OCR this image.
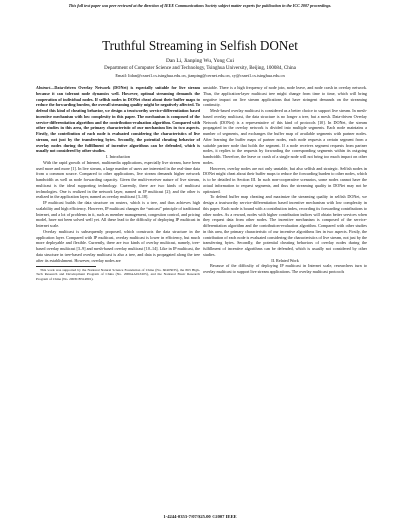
This full text paper was peer reviewed at the direction of IEEE Communications Society subject matter experts for publication in the ICC 2007 proceedings.
Truthful Streaming in Selfish DONet
Dan Li, Jianping Wu, Yong Cui
Department of Computer Science and Technology, Tsinghua University, Beijing, 100084, China
Email: lidan@csnet1.cs.tsinghua.edu.cn, jianping@cernet.edu.cn, cy@csnet1.cs.tsinghua.edu.cn

Abstract—Data-driven Overlay Network (DONet) is especially suitable for live stream because it can tolerant node dynamics well. However, optimal streaming demands the cooperation of individual nodes. If selfish nodes in DONet cheat about their buffer maps to reduce the forwarding burden, the overall streaming quality might be negatively affected. To defend this kind of cheating behavior, we design a trustworthy service-differentiation based incentive mechanism with low complexity in this paper. The mechanism is composed of the service-differentiation algorithm and the contribution-evaluation algorithm. Compared with other studies in this area, the primary characteristic of our mechanism lies in two aspects. Firstly, the contribution of each node is evaluated considering the characteristics of live stream, not just by the transferring bytes. Secondly, the potential cheating behavior of overlay nodes during the fulfillment of incentive algorithms can be defended, which is usually not considered by other studies.

I. Introduction

With the rapid growth of Internet, multimedia applications, especially live stream, have been used more and more [1]. In live stream, a large number of users are interested in the real-time data from a common source. Compared to other applications, live stream demands higher network bandwidth as well as node forwarding capacity. Given the multi-receiver nature of live stream, multicast is the ideal supporting technology. Currently, there are two kinds of multicast technologies. One is realized in the network layer, named as IP multicast [2]; and the other is realized in the application layer, named as overlay multicast [3–18].

IP multicast builds the data structure on routers, which is a tree, and thus achieves high scalability and high efficiency. However, IP multicast changes the “unicast” principle of traditional Internet, and a lot of problems in it, such as member management, congestion control, and pricing model, have not been solved well yet. All these lead to the difficulty of deploying IP multicast in Internet scale.

Overlay multicast is subsequently proposed, which constructs the data structure in the application layer. Compared with IP multicast, overlay multicast is lower in efficiency, but much more deployable and flexible. Currently, there are two kinds of overlay multicast, namely, tree-based overlay multicast [3–9] and mesh-based overlay multicast [10–14]. Like in IP multicast, the data structure in tree-based overlay multicast is also a tree, and data is propagated along the tree after its establishment. However, overlay nodes are

This work was supported by the National Natural Science Foundation of China (No. 60403035), the 863 High-Tech Research and Development Program of China (No. 2006AA01Z205), and the National Basic Research Program of China (No. 2003CB314801).

unstable. There is a high frequency of node join, node leave, and node crash in overlay network. Thus, the application-layer multicast tree might change from time to time, which will bring negative impact on live stream applications that have stringent demands on the streaming continuity.

Mesh-based overlay multicast is considered as a better choice to support live stream. In mesh-based overlay multicast, the data structure is no longer a tree, but a mesh. Data-driven Overlay Network (DONet) is a representative of this kind of protocols [10]. In DONet, the stream propagated in the overlay network is divided into multiple segments. Each node maintains a number of segments, and exchanges the buffer map of available segments with partner nodes. After learning the buffer maps of partner nodes, each node requests a certain segment from a suitable partner node that holds the segment. If a node receives segment requests from partner nodes, it replies to the requests by forwarding the corresponding segments within its outgoing bandwidth. Therefore, the leave or crash of a single node will not bring too much impact on other nodes.

However, overlay nodes are not only unstable, but also selfish and strategic. Selfish nodes in DONet might cheat about their buffer maps to reduce the forwarding burden to other nodes, which is to be detailed in Section III. In such non-cooperative scenarios, some nodes cannot have the actual information to request segments, and thus the streaming quality in DONet may not be optimized.

To defend buffer map cheating and maximize the streaming quality in selfish DONet, we design a trustworthy service-differentiation based incentive mechanism with low complexity in this paper. Each node is bound with a contribution index, recording its forwarding contributions to other nodes. As a reward, nodes with higher contribution indices will obtain better services when they request data from other nodes. The incentive mechanism is composed of the service-differentiation algorithm and the contribution-evaluation algorithm. Compared with other studies in this area, the primary characteristic of our incentive algorithms lies in two aspects. Firstly, the contribution of each node is evaluated considering the characteristics of live stream, not just by the transferring bytes. Secondly, the potential cheating behaviors of overlay nodes during the fulfillment of incentive algorithms can be defended, which is usually not considered by other studies.

II. Related Work

Because of the difficulty of deploying IP multicast in Internet scale, researchers turn to overlay multicast to support live stream applications. The overlay multicast protocols

1-4244-0353-7/07/$25.00 ©2007 IEEE
